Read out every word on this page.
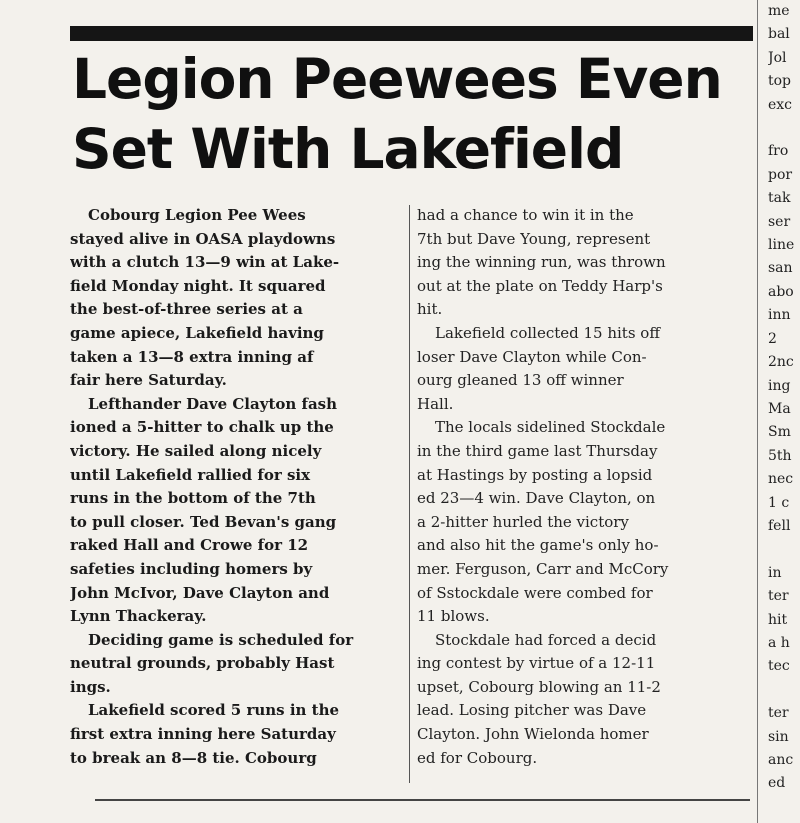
Legion Peewees Even
Set With Lakefield
Cobourg Legion Pee Wees
stayed alive in OASA playdowns
with a clutch 13—9 win at Lake-
field Monday night. It squared
the best-of-three series at a
game apiece, Lakefield having
taken a 13—8 extra inning af
fair here Saturday.
Lefthander Dave Clayton fash
ioned a 5-hitter to chalk up the
victory. He sailed along nicely
until Lakefield rallied for six
runs in the bottom of the 7th
to pull closer. Ted Bevan's gang
raked Hall and Crowe for 12
safeties including homers by
John McIvor, Dave Clayton and
Lynn Thackeray.
Deciding game is scheduled for
neutral grounds, probably Hast
ings.
Lakefield scored 5 runs in the
first extra inning here Saturday
to break an 8—8 tie. Cobourg
had a chance to win it in the
7th but Dave Young, represent
ing the winning run, was thrown
out at the plate on Teddy Harp's
hit.
Lakefield collected 15 hits off
loser Dave Clayton while Con-
ourg gleaned 13 off winner
Hall.
The locals sidelined Stockdale
in the third game last Thursday
at Hastings by posting a lopsid
ed 23—4 win. Dave Clayton, on
a 2-hitter hurled the victory
and also hit the game's only ho-
mer. Ferguson, Carr and McCory
of Sstockdale were combed for
11 blows.
Stockdale had forced a decid
ing contest by virtue of a 12-11
upset, Cobourg blowing an 11-2
lead. Losing pitcher was Dave
Clayton. John Wielonda homer
ed for Cobourg.
me
bal
Jol
top
exc

fro
por
tak
ser
line
san
abo
inn
2
2nc
ing
Ma
Sm
5th
nec
1 c
fell

in
ter
hit
a h
tec

ter
sin
anc
ed
